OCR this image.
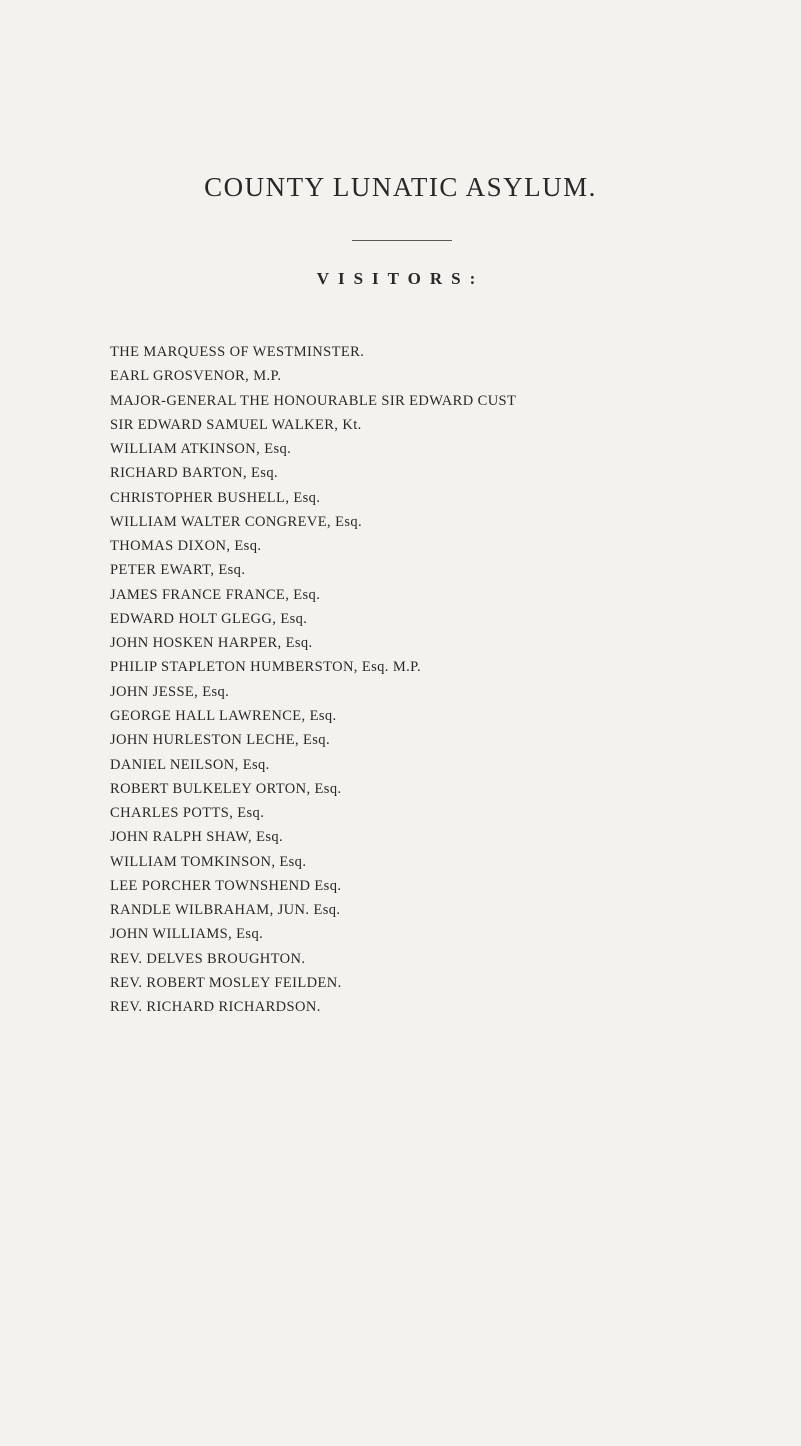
COUNTY LUNATIC ASYLUM.
VISITORS:
THE MARQUESS OF WESTMINSTER.
EARL GROSVENOR, M.P.
MAJOR-GENERAL THE HONOURABLE SIR EDWARD CUST
SIR EDWARD SAMUEL WALKER, Kt.
WILLIAM ATKINSON, Esq.
RICHARD BARTON, Esq.
CHRISTOPHER BUSHELL, Esq.
WILLIAM WALTER CONGREVE, Esq.
THOMAS DIXON, Esq.
PETER EWART, Esq.
JAMES FRANCE FRANCE, Esq.
EDWARD HOLT GLEGG, Esq.
JOHN HOSKEN HARPER, Esq.
PHILIP STAPLETON HUMBERSTON, Esq. M.P.
JOHN JESSE, Esq.
GEORGE HALL LAWRENCE, Esq.
JOHN HURLESTON LECHE, Esq.
DANIEL NEILSON, Esq.
ROBERT BULKELEY ORTON, Esq.
CHARLES POTTS, Esq.
JOHN RALPH SHAW, Esq.
WILLIAM TOMKINSON, Esq.
LEE PORCHER TOWNSHEND Esq.
RANDLE WILBRAHAM, JUN. Esq.
JOHN WILLIAMS, Esq.
REV. DELVES BROUGHTON.
REV. ROBERT MOSLEY FEILDEN.
REV. RICHARD RICHARDSON.
